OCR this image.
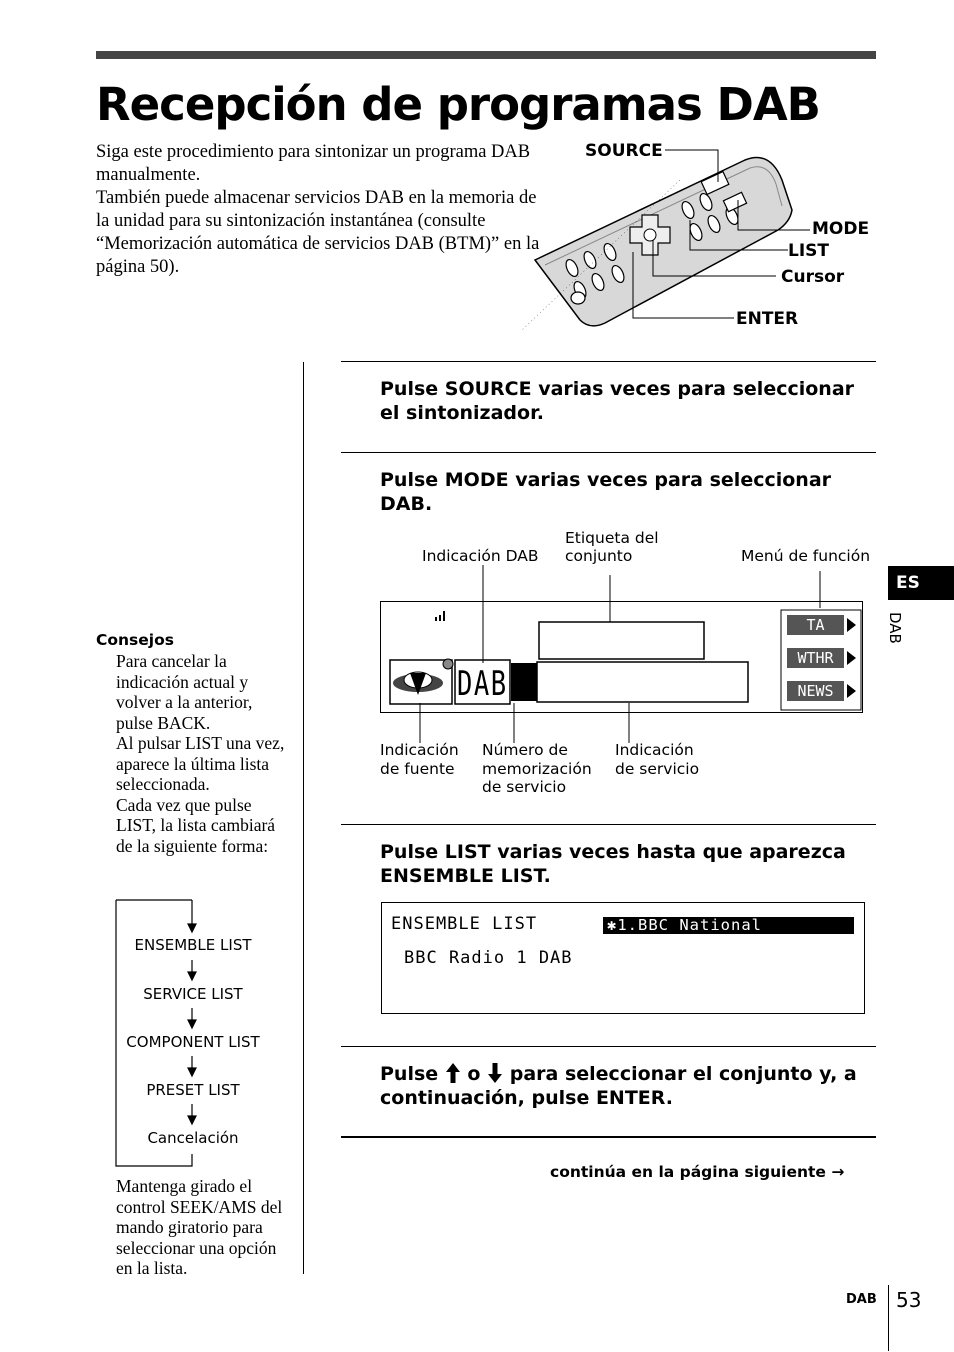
Recepción de programas DAB

Siga este procedimiento para sintonizar un programa DAB manualmente.

También puede almacenar servicios DAB en la memoria de la unidad para su sintonización instantánea (consulte “Memorización automática de servicios DAB (BTM)” en la página 50).

SOURCE
MODE
LIST
Cursor
ENTER
Pulse SOURCE varias veces para seleccionar el sintonizador.
Pulse MODE varias veces para seleccionar DAB.
Indicación DAB
Etiqueta del
conjunto	Menú de función
DAB
TA
WTHR
NEWS
Indicación
de fuente
Número de
memorización
de servicio
Indicación
de servicio
Pulse LIST varias veces hasta que aparezca ENSEMBLE LIST.
ENSEMBLE LIST	✱1.BBC National
BBC Radio 1 DAB
Pulse o para seleccionar el conjunto y, a continuación, pulse ENTER.
Consejos

Para cancelar la indicación actual y volver a la anterior, pulse BACK.

Al pulsar LIST una vez, aparece la última lista seleccionada.

Cada vez que pulse LIST, la lista cambiará de la siguiente forma:

ENSEMBLE LIST
SERVICE LIST
COMPONENT LIST
PRESET LIST
Cancelación
Mantenga girado el control SEEK/AMS del mando giratorio para seleccionar una opción en la lista.
continúa en la página siguiente →
DAB 53
ES
DAB
